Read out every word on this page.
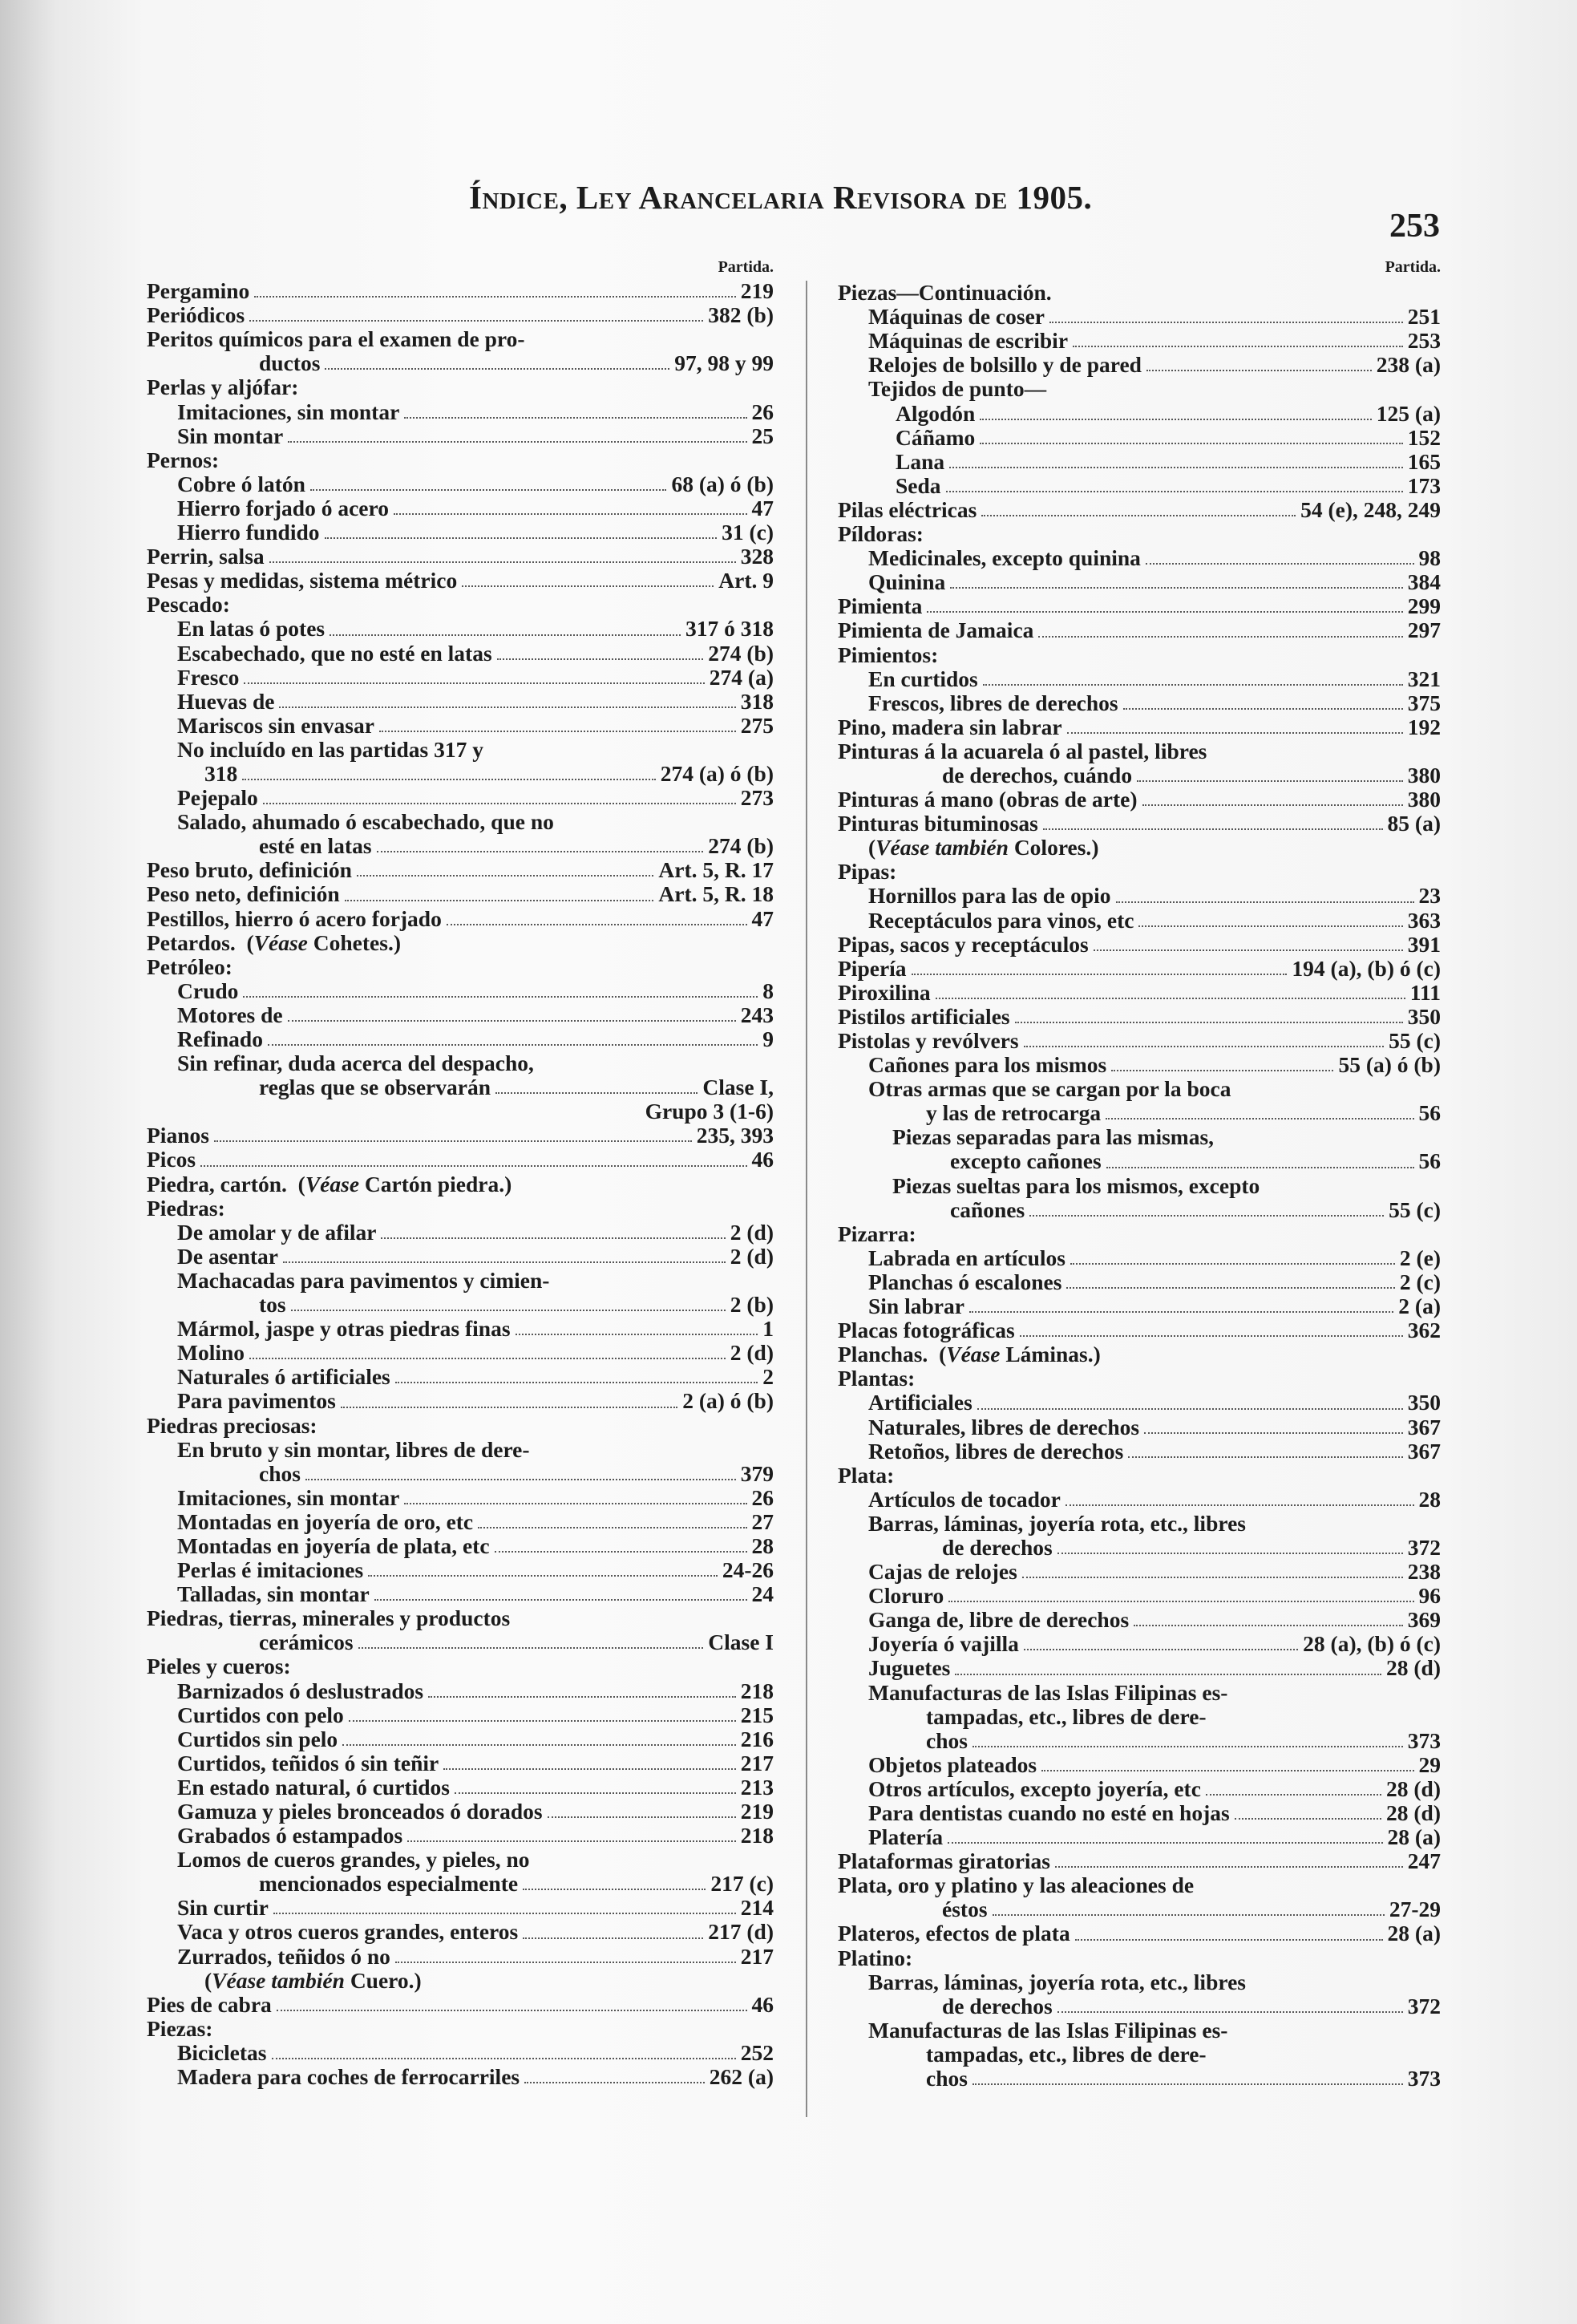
Índice, Ley Arancelaria Revisora de 1905.
253
Partida.
Pergamino	219
Periódicos	382 (b)
Peritos químicos para el examen de pro-
ductos	97, 98 y 99
Perlas y aljófar:
Imitaciones, sin montar	26
Sin montar	25
Pernos:
Cobre ó latón	68 (a) ó (b)
Hierro forjado ó acero	47
Hierro fundido	31 (c)
Perrin, salsa	328
Pesas y medidas, sistema métrico	Art. 9
Pescado:
En latas ó potes	317 ó 318
Escabechado, que no esté en latas	274 (b)
Fresco	274 (a)
Huevas de	318
Mariscos sin envasar	275
No incluído en las partidas 317 y
318	274 (a) ó (b)
Pejepalo	273
Salado, ahumado ó escabechado, que no
esté en latas	274 (b)
Peso bruto, definición	Art. 5, R. 17
Peso neto, definición	Art. 5, R. 18
Pestillos, hierro ó acero forjado	47
Petardos.  (Véase Cohetes.)
Petróleo:
Crudo	8
Motores de	243
Refinado	9
Sin refinar, duda acerca del despacho,
reglas que se observarán	Clase I,
Grupo 3 (1-6)
Pianos	235, 393
Picos	46
Piedra, cartón.  (Véase Cartón piedra.)
Piedras:
De amolar y de afilar	2 (d)
De asentar	2 (d)
Machacadas para pavimentos y cimien-
tos	2 (b)
Mármol, jaspe y otras piedras finas	1
Molino	2 (d)
Naturales ó artificiales	2
Para pavimentos	2 (a) ó (b)
Piedras preciosas:
En bruto y sin montar, libres de dere-
chos	379
Imitaciones, sin montar	26
Montadas en joyería de oro, etc	27
Montadas en joyería de plata, etc	28
Perlas é imitaciones	24-26
Talladas, sin montar	24
Piedras, tierras, minerales y productos
cerámicos	Clase I
Pieles y cueros:
Barnizados ó deslustrados	218
Curtidos con pelo	215
Curtidos sin pelo	216
Curtidos, teñidos ó sin teñir	217
En estado natural, ó curtidos	213
Gamuza y pieles bronceados ó dorados	219
Grabados ó estampados	218
Lomos de cueros grandes, y pieles, no
mencionados especialmente	217 (c)
Sin curtir	214
Vaca y otros cueros grandes, enteros	217 (d)
Zurrados, teñidos ó no	217
(Véase también Cuero.)
Pies de cabra	46
Piezas:
Bicicletas	252
Madera para coches de ferrocarriles	262 (a)
Partida.
Piezas—Continuación.
Máquinas de coser	251
Máquinas de escribir	253
Relojes de bolsillo y de pared	238 (a)
Tejidos de punto—
Algodón	125 (a)
Cáñamo	152
Lana	165
Seda	173
Pilas eléctricas	54 (e), 248, 249
Píldoras:
Medicinales, excepto quinina	98
Quinina	384
Pimienta	299
Pimienta de Jamaica	297
Pimientos:
En curtidos	321
Frescos, libres de derechos	375
Pino, madera sin labrar	192
Pinturas á la acuarela ó al pastel, libres
de derechos, cuándo	380
Pinturas á mano (obras de arte)	380
Pinturas bituminosas	85 (a)
(Véase también Colores.)
Pipas:
Hornillos para las de opio	23
Receptáculos para vinos, etc	363
Pipas, sacos y receptáculos	391
Pipería	194 (a), (b) ó (c)
Piroxilina	111
Pistilos artificiales	350
Pistolas y revólvers	55 (c)
Cañones para los mismos	55 (a) ó (b)
Otras armas que se cargan por la boca
y las de retrocarga	56
Piezas separadas para las mismas,
excepto cañones	56
Piezas sueltas para los mismos, excepto
cañones	55 (c)
Pizarra:
Labrada en artículos	2 (e)
Planchas ó escalones	2 (c)
Sin labrar	2 (a)
Placas fotográficas	362
Planchas.  (Véase Láminas.)
Plantas:
Artificiales	350
Naturales, libres de derechos	367
Retoños, libres de derechos	367
Plata:
Artículos de tocador	28
Barras, láminas, joyería rota, etc., libres
de derechos	372
Cajas de relojes	238
Cloruro	96
Ganga de, libre de derechos	369
Joyería ó vajilla	28 (a), (b) ó (c)
Juguetes	28 (d)
Manufacturas de las Islas Filipinas es-
tampadas, etc., libres de dere-
chos	373
Objetos plateados	29
Otros artículos, excepto joyería, etc	28 (d)
Para dentistas cuando no esté en hojas	28 (d)
Platería	28 (a)
Plataformas giratorias	247
Plata, oro y platino y las aleaciones de
éstos	27-29
Plateros, efectos de plata	28 (a)
Platino:
Barras, láminas, joyería rota, etc., libres
de derechos	372
Manufacturas de las Islas Filipinas es-
tampadas, etc., libres de dere-
chos	373
